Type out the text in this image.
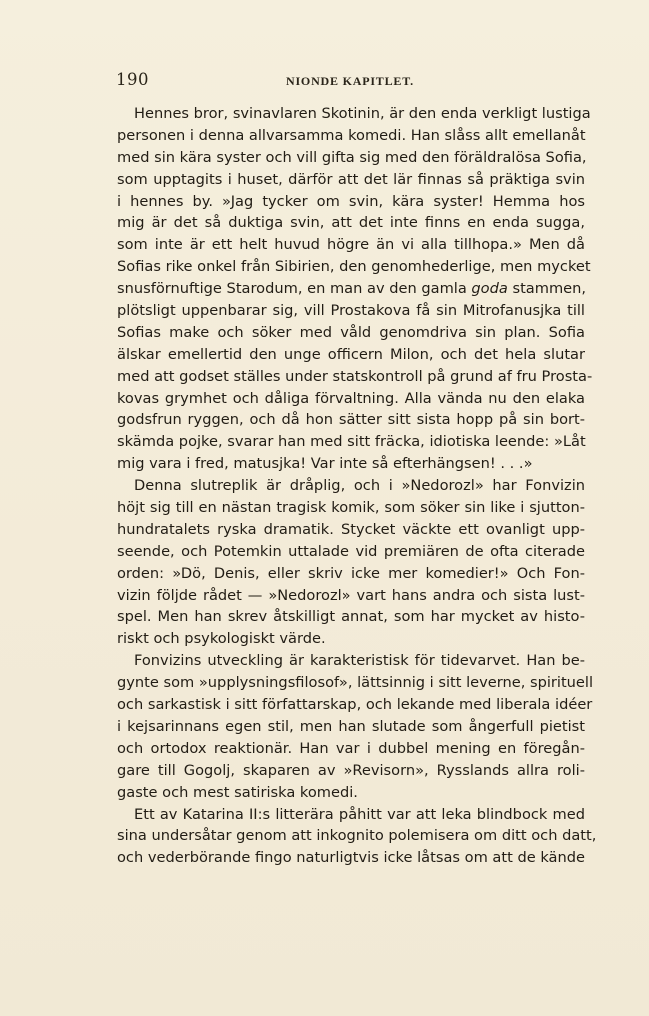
190	NIONDE KAPITLET.
Hennes bror, svinavlaren Skotinin, är den enda verkligt lustiga
personen i denna allvarsamma komedi. Han slåss allt emellanåt
med sin kära syster och vill gifta sig med den föräldralösa Sofia,
som upptagits i huset, därför att det lär finnas så präktiga svin
i hennes by. »Jag tycker om svin, kära syster! Hemma hos
mig är det så duktiga svin, att det inte finns en enda sugga,
som inte är ett helt huvud högre än vi alla tillhopa.» Men då
Sofias rike onkel från Sibirien, den genomhederlige, men mycket
snusförnuftige Starodum, en man av den gamla goda stammen,
plötsligt uppenbarar sig, vill Prostakova få sin Mitrofanusjka till
Sofias make och söker med våld genomdriva sin plan. Sofia
älskar emellertid den unge officern Milon, och det hela slutar
med att godset ställes under statskontroll på grund af fru Prosta-
kovas grymhet och dåliga förvaltning. Alla vända nu den elaka
godsfrun ryggen, och då hon sätter sitt sista hopp på sin bort-
skämda pojke, svarar han med sitt fräcka, idiotiska leende: »Låt
mig vara i fred, matusjka! Var inte så efterhängsen! . . .»
Denna slutreplik är dråplig, och i »Nedorozl» har Fonvizin
höjt sig till en nästan tragisk komik, som söker sin like i sjutton-
hundratalets ryska dramatik. Stycket väckte ett ovanligt upp-
seende, och Potemkin uttalade vid premiären de ofta citerade
orden: »Dö, Denis, eller skriv icke mer komedier!» Och Fon-
vizin följde rådet — »Nedorozl» vart hans andra och sista lust-
spel. Men han skrev åtskilligt annat, som har mycket av histo-
riskt och psykologiskt värde.
Fonvizins utveckling är karakteristisk för tidevarvet. Han be-
gynte som »upplysningsfilosof», lättsinnig i sitt leverne, spirituell
och sarkastisk i sitt författarskap, och lekande med liberala idéer
i kejsarinnans egen stil, men han slutade som ångerfull pietist
och ortodox reaktionär. Han var i dubbel mening en föregån-
gare till Gogolj, skaparen av »Revisorn», Rysslands allra roli-
gaste och mest satiriska komedi.
Ett av Katarina II:s litterära påhitt var att leka blindbock med
sina undersåtar genom att inkognito polemisera om ditt och datt,
och vederbörande fingo naturligtvis icke låtsas om att de kände
